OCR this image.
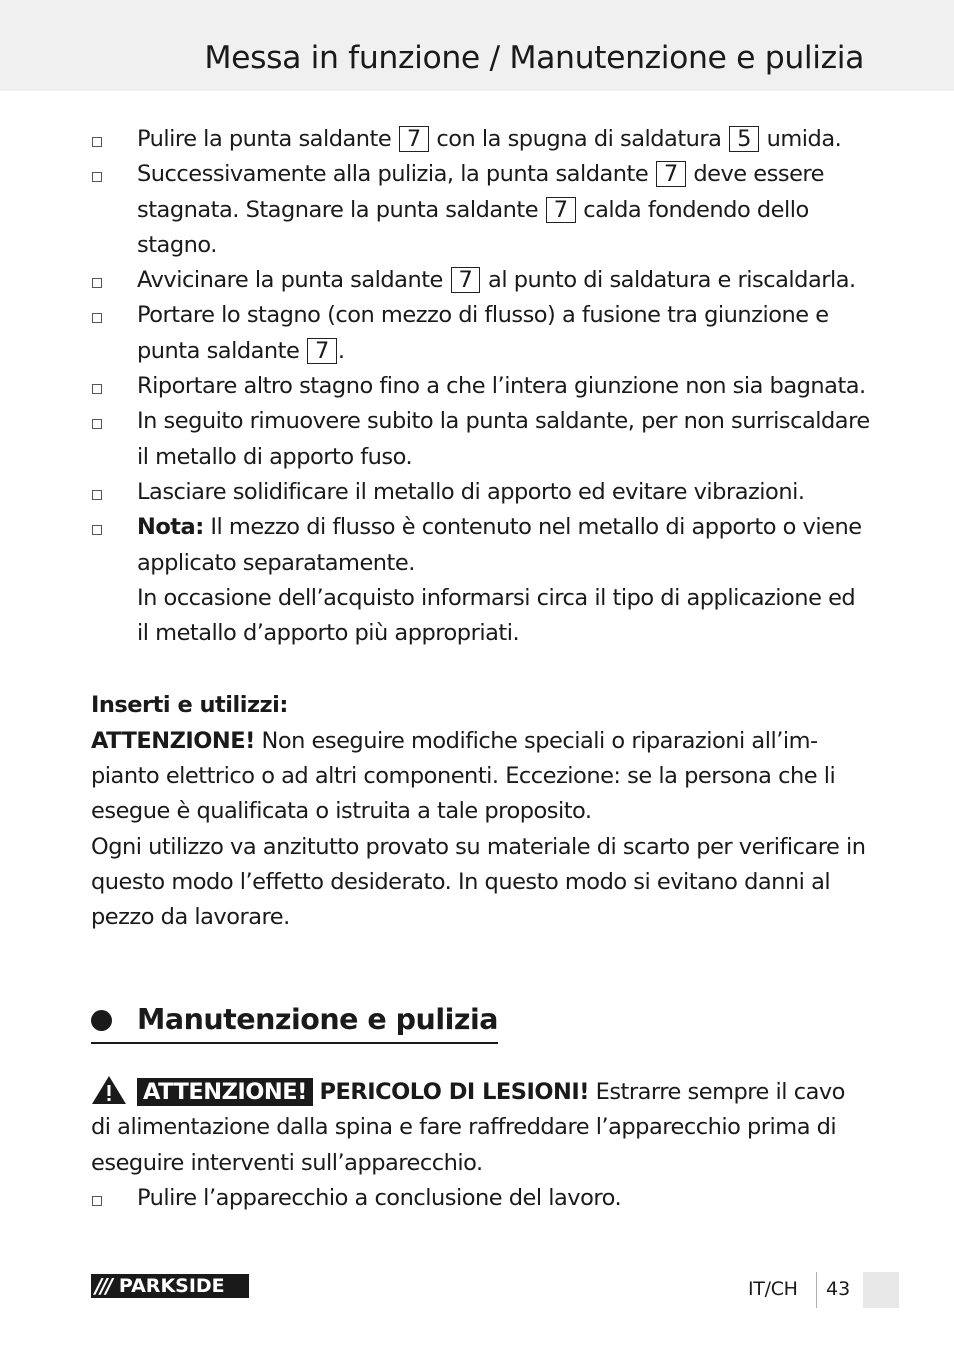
Messa in funzione / Manutenzione e pulizia
Pulire la punta saldante 7 con la spugna di saldatura 5 umida.
Successivamente alla pulizia, la punta saldante 7 deve essere stagnata. Stagnare la punta saldante 7 calda fondendo dello stagno.
Avvicinare la punta saldante 7 al punto di saldatura e riscaldarla.
Portare lo stagno (con mezzo di flusso) a fusione tra giunzione e punta saldante 7 .
Riportare altro stagno fino a che l’intera giunzione non sia bagnata.
In seguito rimuovere subito la punta saldante, per non surriscaldare il metallo di apporto fuso.
Lasciare solidificare il metallo di apporto ed evitare vibrazioni.

Nota: Il mezzo di flusso è contenuto nel metallo di apporto o viene applicato separatamente.

In occasione dell’acquisto informarsi circa il tipo di applicazione ed il metallo d’apporto più appropriati.

Inserti e utilizzi:

ATTENZIONE! Non eseguire modifiche speciali o riparazioni all’im-pianto elettrico o ad altri componenti. Eccezione: se la persona che li esegue è qualificata o istruita a tale proposito.

Ogni utilizzo va anzitutto provato su materiale di scarto per verificare in questo modo l’effetto desiderato. In questo modo si evitano danni al pezzo da lavorare.

Manutenzione e pulizia

ATTENZIONE! PERICOLO DI LESIONI! Estrarre sempre il cavo di alimentazione dalla spina e fare raffreddare l’apparecchio prima di eseguire interventi sull’apparecchio.

Pulire l’apparecchio a conclusione del lavoro.
/// PARKSIDE	IT/CH 43
